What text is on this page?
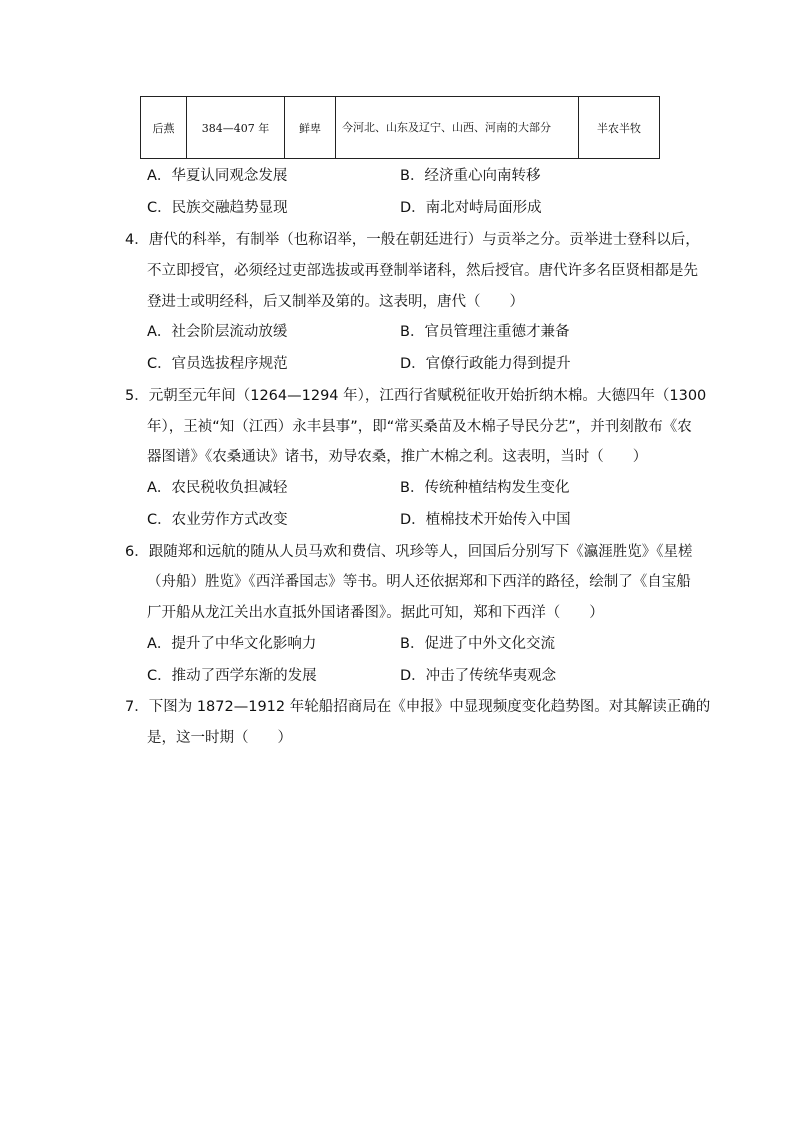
后燕	384—407 年	鲜卑	今河北、山东及辽宁、山西、河南的大部分	半农半牧
A．华夏认同观念发展	B．经济重心向南转移
C．民族交融趋势显现	D．南北对峙局面形成
4．唐代的科举，有制举（也称诏举，一般在朝廷进行）与贡举之分。贡举进士登科以后，
不立即授官，必须经过吏部选拔或再登制举诸科，然后授官。唐代许多名臣贤相都是先
登进士或明经科，后又制举及第的。这表明，唐代（　　）
A．社会阶层流动放缓	B．官员管理注重德才兼备
C．官员选拔程序规范	D．官僚行政能力得到提升
5．元朝至元年间（1264—1294 年），江西行省赋税征收开始折纳木棉。大德四年（1300
年），王祯“知（江西）永丰县事”，即“常买桑苗及木棉子导民分艺”，并刊刻散布《农
器图谱》《农桑通诀》诸书，劝导农桑，推广木棉之利。这表明，当时（　　）
A．农民税收负担减轻	B．传统种植结构发生变化
C．农业劳作方式改变	D．植棉技术开始传入中国
6．跟随郑和远航的随从人员马欢和费信、巩珍等人，回国后分别写下《瀛涯胜览》《星槎
（舟船）胜览》《西洋番国志》等书。明人还依据郑和下西洋的路径，绘制了《自宝船
厂开船从龙江关出水直抵外国诸番图》。据此可知，郑和下西洋（　　）
A．提升了中华文化影响力	B．促进了中外文化交流
C．推动了西学东渐的发展	D．冲击了传统华夷观念
7．下图为 1872—1912 年轮船招商局在《申报》中显现频度变化趋势图。对其解读正确的
是，这一时期（　　）
